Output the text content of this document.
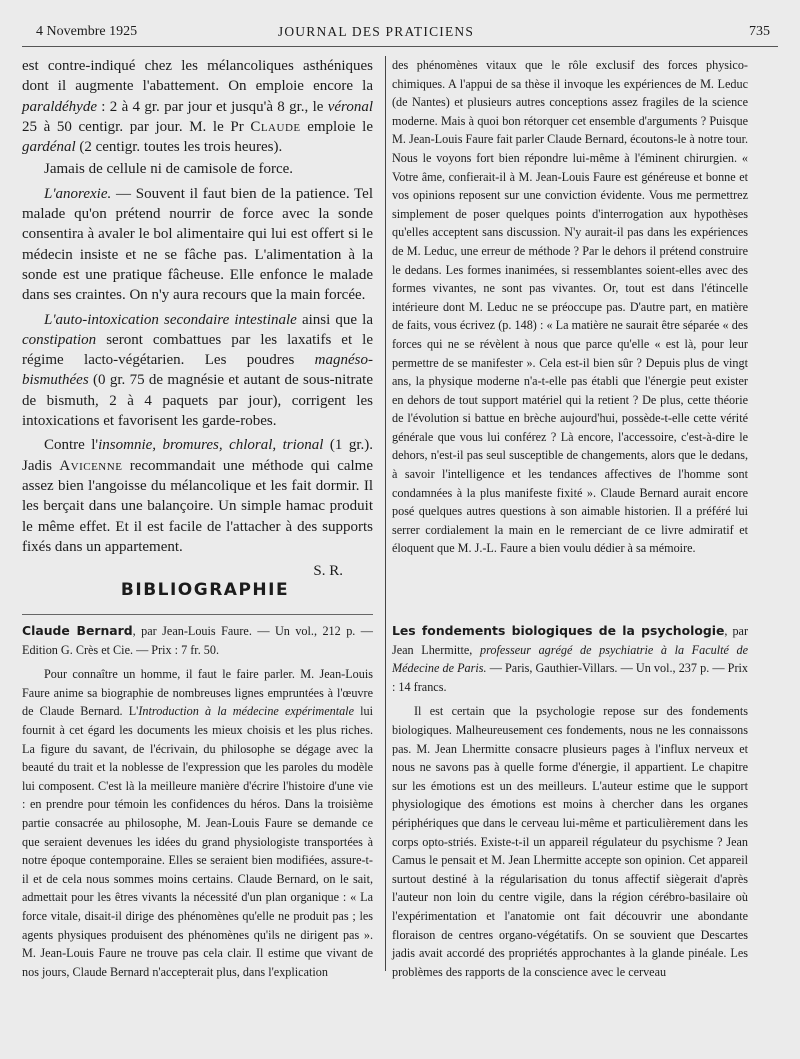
4 Novembre 1925	JOURNAL DES PRATICIENS	735

est contre-indiqué chez les mélancoliques asthéniques dont il augmente l'abattement. On emploie encore la paraldéhyde : 2 à 4 gr. par jour et jusqu'à 8 gr., le véronal 25 à 50 centigr. par jour. M. le Pr Claude emploie le gardénal (2 centigr. toutes les trois heures).

Jamais de cellule ni de camisole de force.

L'anorexie. — Souvent il faut bien de la patience. Tel malade qu'on prétend nourrir de force avec la sonde consentira à avaler le bol alimentaire qui lui est offert si le médecin insiste et ne se fâche pas. L'alimentation à la sonde est une pratique fâcheuse. Elle enfonce le malade dans ses craintes. On n'y aura recours que la main forcée.

L'auto-intoxication secondaire intestinale ainsi que la constipation seront combattues par les laxatifs et le régime lacto-végétarien. Les poudres magnéso-bismuthées (0 gr. 75 de magnésie et autant de sous-nitrate de bismuth, 2 à 4 paquets par jour), corrigent les intoxications et favorisent les garde-robes.

Contre l'insomnie, bromures, chloral, trional (1 gr.). Jadis Avicenne recommandait une méthode qui calme assez bien l'angoisse du mélancolique et les fait dormir. Il les berçait dans une balançoire. Un simple hamac produit le même effet. Et il est facile de l'attacher à des supports fixés dans un appartement.

S. R.

BIBLIOGRAPHIE

Claude Bernard, par Jean-Louis Faure. — Un vol., 212 p. — Edition G. Crès et Cie. — Prix : 7 fr. 50.

Pour connaître un homme, il faut le faire parler. M. Jean-Louis Faure anime sa biographie de nombreuses lignes empruntées à l'œuvre de Claude Bernard. L'Introduction à la médecine expérimentale lui fournit à cet égard les documents les mieux choisis et les plus riches. La figure du savant, de l'écrivain, du philosophe se dégage avec la beauté du trait et la noblesse de l'expression que les paroles du modèle lui composent. C'est là la meilleure manière d'écrire l'histoire d'une vie : en prendre pour témoin les confidences du héros. Dans la troisième partie consacrée au philosophe, M. Jean-Louis Faure se demande ce que seraient devenues les idées du grand physiologiste transportées à notre époque contemporaine. Elles se seraient bien modifiées, assure-t-il et de cela nous sommes moins certains. Claude Bernard, on le sait, admettait pour les êtres vivants la nécessité d'un plan organique : « La force vitale, disait-il dirige des phénomènes qu'elle ne produit pas ; les agents physiques produisent des phénomènes qu'ils ne dirigent pas ». M. Jean-Louis Faure ne trouve pas cela clair. Il estime que vivant de nos jours, Claude Bernard n'accepterait plus, dans l'explication

des phénomènes vitaux que le rôle exclusif des forces physico-chimiques. A l'appui de sa thèse il invoque les expériences de M. Leduc (de Nantes) et plusieurs autres conceptions assez fragiles de la science moderne. Mais à quoi bon rétorquer cet ensemble d'arguments ? Puisque M. Jean-Louis Faure fait parler Claude Bernard, écoutons-le à notre tour. Nous le voyons fort bien répondre lui-même à l'éminent chirurgien. « Votre âme, confierait-il à M. Jean-Louis Faure est généreuse et bonne et vos opinions reposent sur une conviction évidente. Vous me permettrez simplement de poser quelques points d'interrogation aux hypothèses qu'elles acceptent sans discussion. N'y aurait-il pas dans les expériences de M. Leduc, une erreur de méthode ? Par le dehors il prétend construire le dedans. Les formes inanimées, si ressemblantes soient-elles avec des formes vivantes, ne sont pas vivantes. Or, tout est dans l'étincelle intérieure dont M. Leduc ne se préoccupe pas. D'autre part, en matière de faits, vous écrivez (p. 148) : « La matière ne saurait être séparée « des forces qui ne se révèlent à nous que parce qu'elle « est là, pour leur permettre de se manifester ». Cela est-il bien sûr ? Depuis plus de vingt ans, la physique moderne n'a-t-elle pas établi que l'énergie peut exister en dehors de tout support matériel qui la retient ? De plus, cette théorie de l'évolution si battue en brèche aujourd'hui, possède-t-elle cette vérité générale que vous lui conférez ? Là encore, l'accessoire, c'est-à-dire le dehors, n'est-il pas seul susceptible de changements, alors que le dedans, à savoir l'intelligence et les tendances affectives de l'homme sont condamnées à la plus manifeste fixité ». Claude Bernard aurait encore posé quelques autres questions à son aimable historien. Il a préféré lui serrer cordialement la main en le remerciant de ce livre admiratif et éloquent que M. J.-L. Faure a bien voulu dédier à sa mémoire.

Les fondements biologiques de la psychologie, par Jean Lhermitte, professeur agrégé de psychiatrie à la Faculté de Médecine de Paris. — Paris, Gauthier-Villars. — Un vol., 237 p. — Prix : 14 francs.

Il est certain que la psychologie repose sur des fondements biologiques. Malheureusement ces fondements, nous ne les connaissons pas. M. Jean Lhermitte consacre plusieurs pages à l'influx nerveux et nous ne savons pas à quelle forme d'énergie, il appartient. Le chapitre sur les émotions est un des meilleurs. L'auteur estime que le support physiologique des émotions est moins à chercher dans les organes périphériques que dans le cerveau lui-même et particulièrement dans les corps opto-striés. Existe-t-il un appareil régulateur du psychisme ? Jean Camus le pensait et M. Jean Lhermitte accepte son opinion. Cet appareil surtout destiné à la régularisation du tonus affectif siègerait d'après l'auteur non loin du centre vigile, dans la région cérébro-basilaire où l'expérimentation et l'anatomie ont fait découvrir une abondante floraison de centres organo-végétatifs. On se souvient que Descartes jadis avait accordé des propriétés approchantes à la glande pinéale. Les problèmes des rapports de la conscience avec le cerveau
